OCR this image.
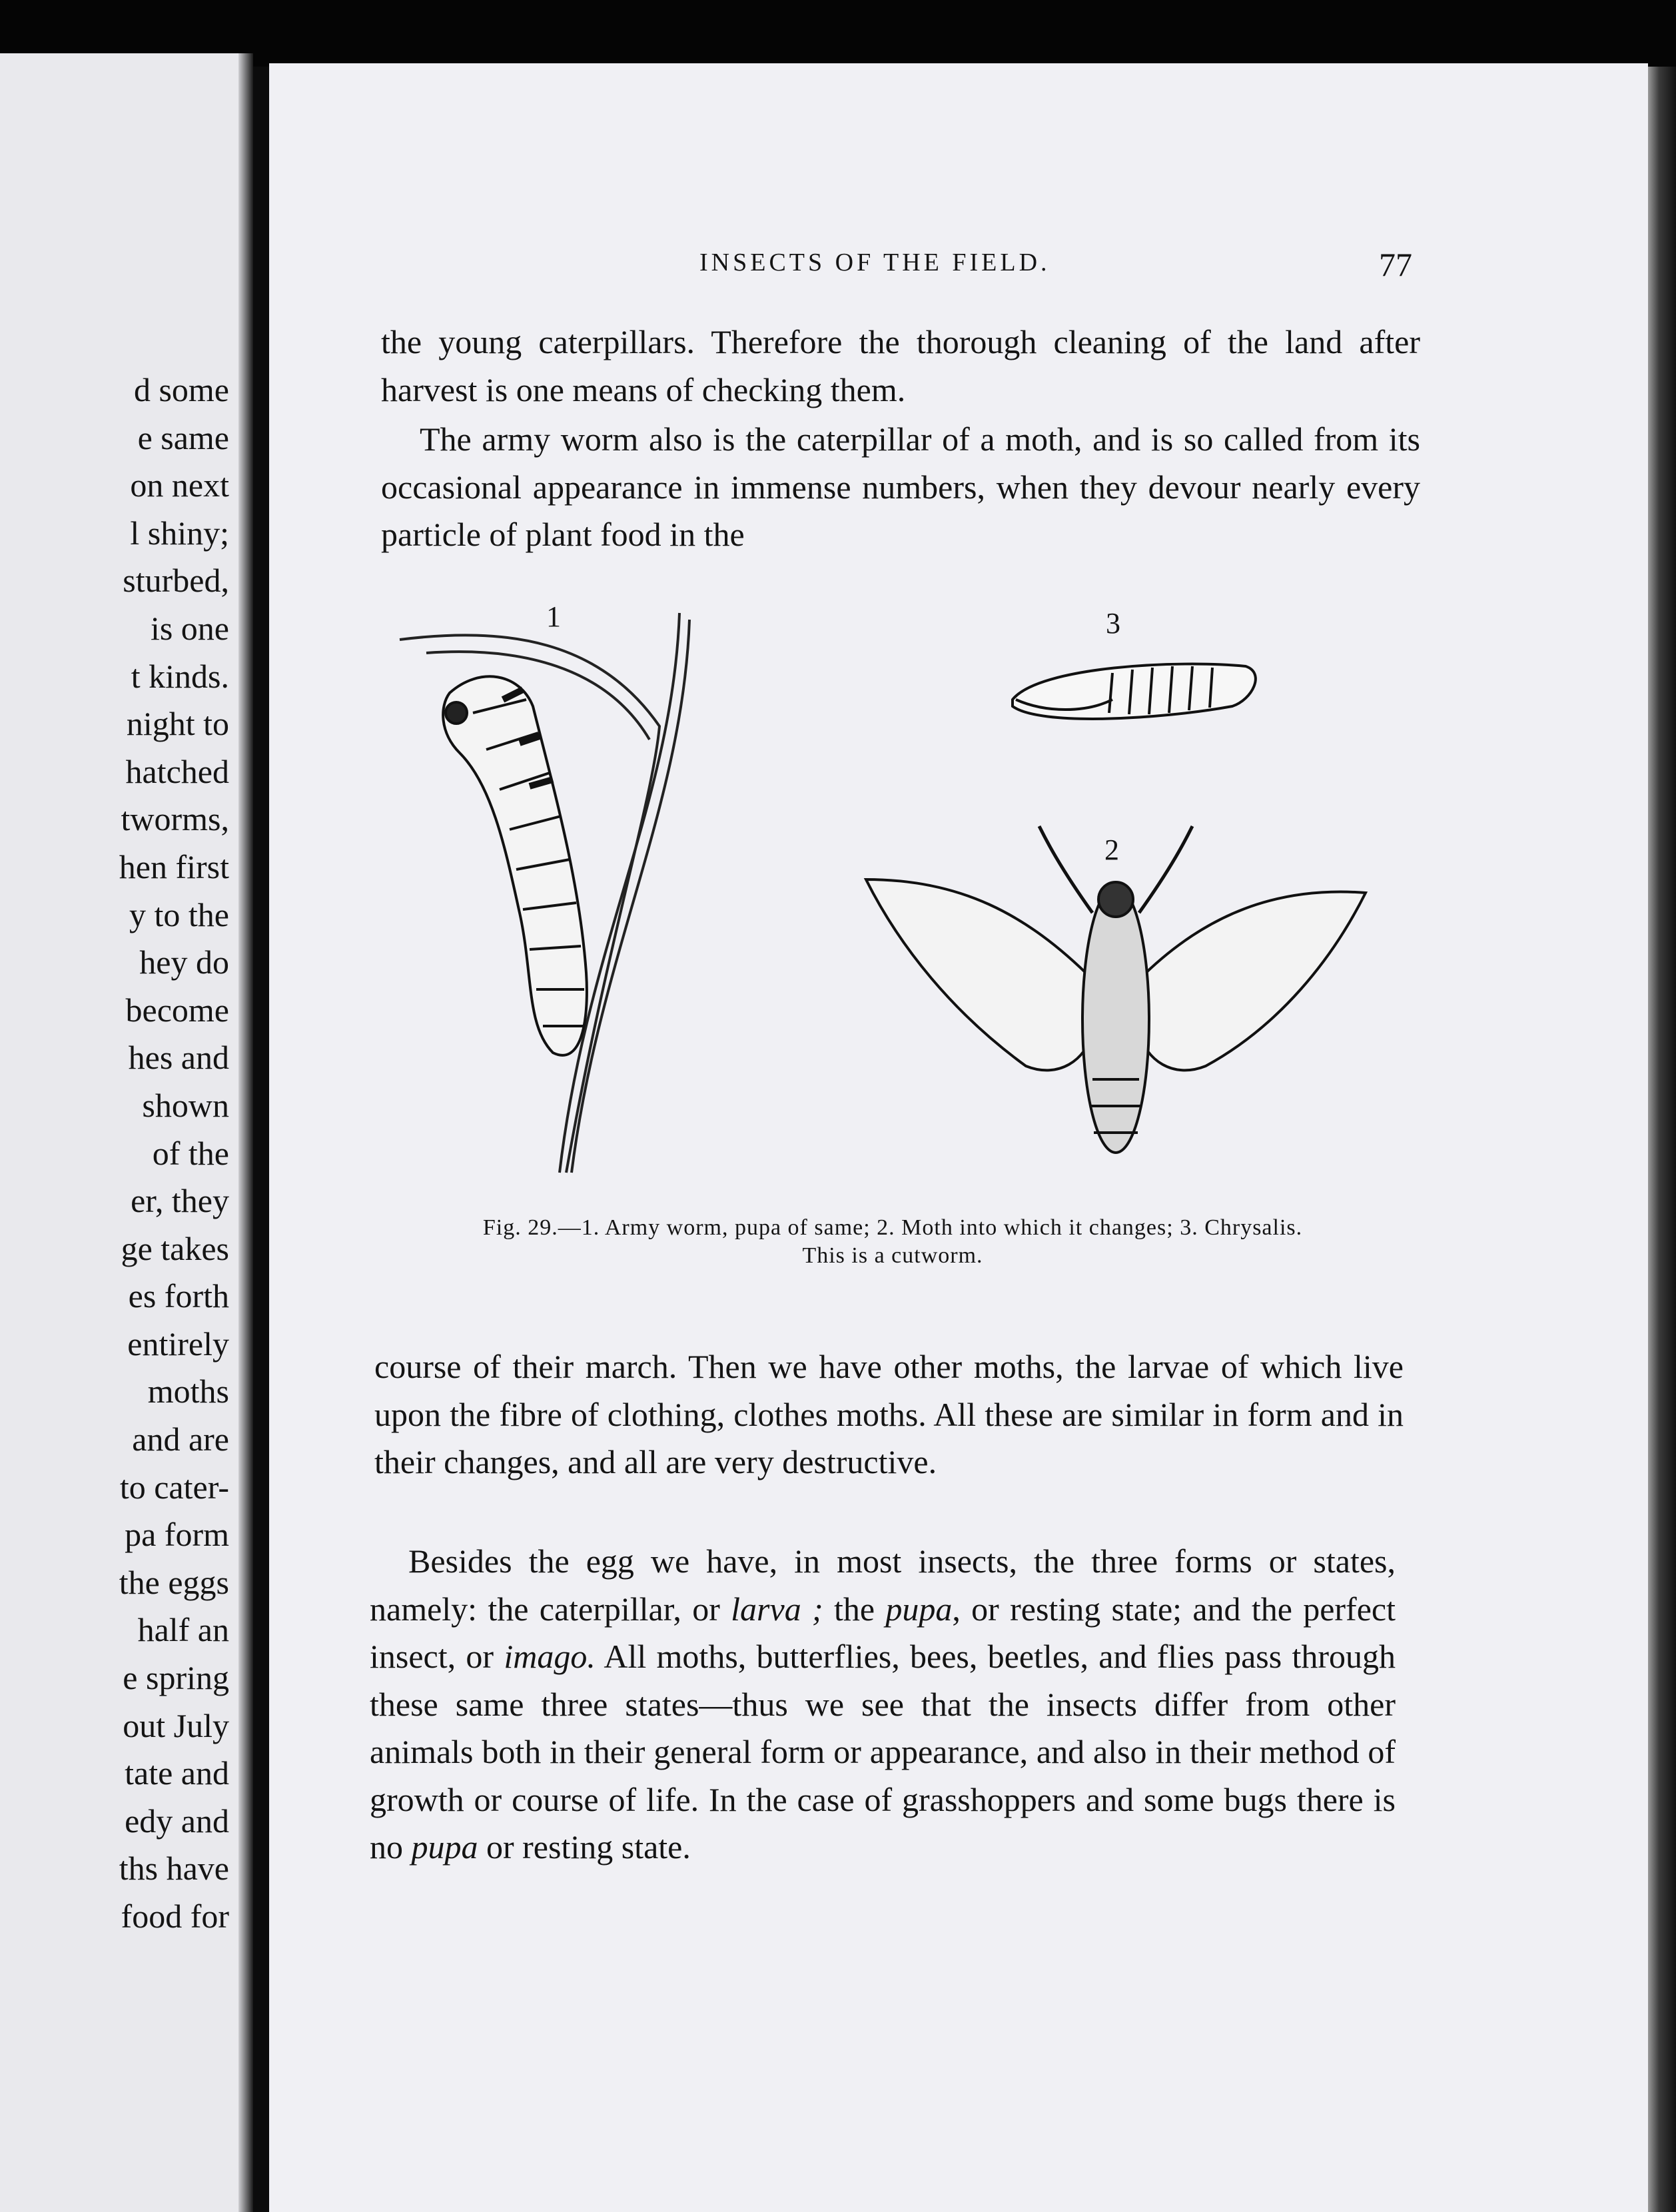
d some
e same
on next
l shiny;
sturbed,
is one
t kinds.
night to
hatched
tworms,
hen first
y to the
hey do
become
hes and
shown
of the
er, they
ge takes
es forth
entirely
moths
and are
to cater-
pa form
the eggs
half an
e spring
out July
tate and
edy and
ths have
food for
INSECTS OF THE FIELD.	77
the young caterpillars. Therefore the thorough cleaning of the land after harvest is one means of checking them.
The army worm also is the caterpillar of a moth, and is so called from its occasional appearance in immense numbers, when they devour nearly every particle of plant food in the
1
2
3
Fig. 29.—1. Army worm, pupa of same; 2. Moth into which it changes; 3. Chrysalis.
This is a cutworm.
course of their march. Then we have other moths, the larvae of which live upon the fibre of clothing, clothes moths. All these are similar in form and in their changes, and all are very destructive.
Besides the egg we have, in most insects, the three forms or states, namely: the caterpillar, or larva ; the pupa, or resting state; and the perfect insect, or imago. All moths, butterflies, bees, beetles, and flies pass through these same three states—thus we see that the insects differ from other animals both in their general form or appearance, and also in their method of growth or course of life. In the case of grasshoppers and some bugs there is no pupa or resting state.
